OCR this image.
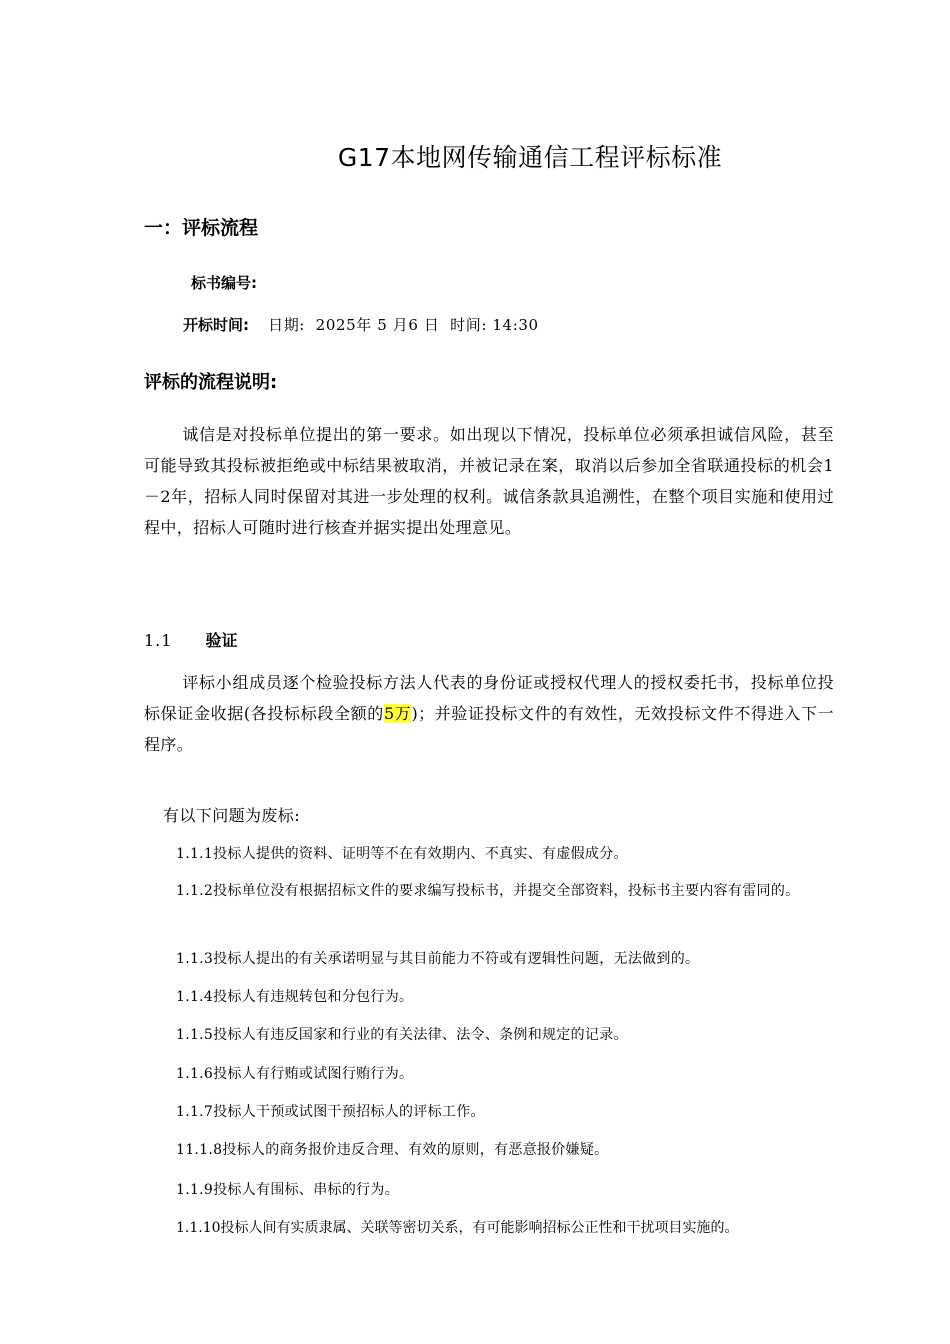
G17本地网传输通信工程评标标准
一：评标流程
标书编号:
开标时间: 日期:  2025年 5 月6 日  时间: 14:30
评标的流程说明:
诚信是对投标单位提出的第一要求。如出现以下情况，投标单位必须承担诚信风险，甚至可能导致其投标被拒绝或中标结果被取消，并被记录在案，取消以后参加全省联通投标的机会1－2年，招标人同时保留对其进一步处理的权利。诚信条款具追溯性，在整个项目实施和使用过程中，招标人可随时进行核查并据实提出处理意见。
1.1 验证
评标小组成员逐个检验投标方法人代表的身份证或授权代理人的授权委托书，投标单位投标保证金收据(各投标标段全额的5万)；并验证投标文件的有效性，无效投标文件不得进入下一程序。
有以下问题为废标:
1.1.1投标人提供的资料、证明等不在有效期内、不真实、有虚假成分。
1.1.2投标单位没有根据招标文件的要求编写投标书，并提交全部资料，投标书主要内容有雷同的。
1.1.3投标人提出的有关承诺明显与其目前能力不符或有逻辑性问题，无法做到的。
1.1.4投标人有违规转包和分包行为。
1.1.5投标人有违反国家和行业的有关法律、法令、条例和规定的记录。
1.1.6投标人有行贿或试图行贿行为。
1.1.7投标人干预或试图干预招标人的评标工作。
11.1.8投标人的商务报价违反合理、有效的原则，有恶意报价嫌疑。
1.1.9投标人有围标、串标的行为。
1.1.10投标人间有实质隶属、关联等密切关系，有可能影响招标公正性和干扰项目实施的。
